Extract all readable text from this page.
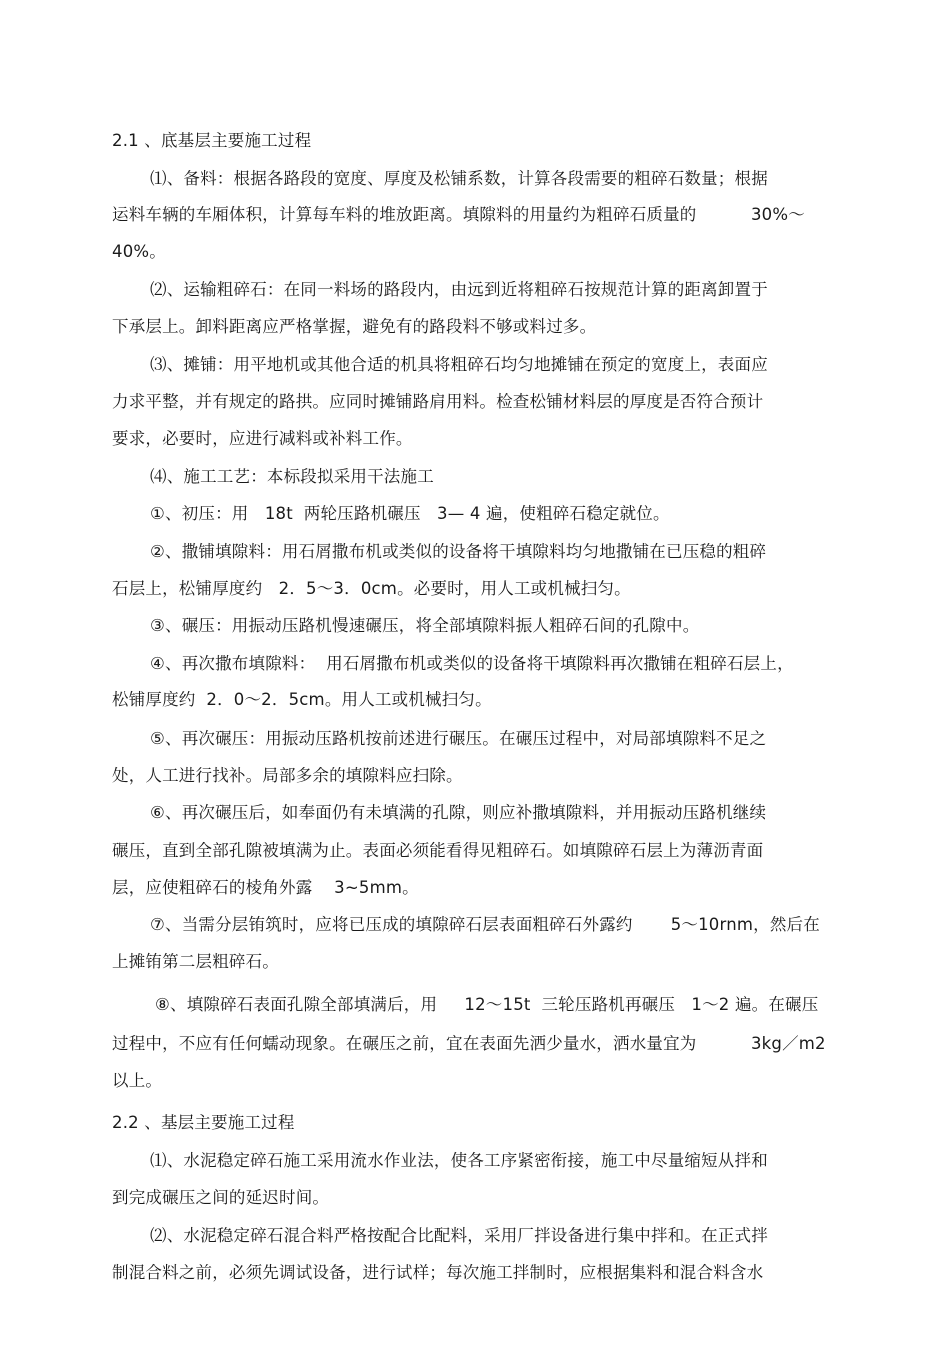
2.1 、底基层主要施工过程
⑴、备料：根据各路段的宽度、厚度及松铺系数，计算各段需要的粗碎石数量；根据
运料车辆的车厢体积，计算每车料的堆放距离。填隙料的用量约为粗碎石质量的          30%～
40%。
⑵、运输粗碎石：在同一料场的路段内，由远到近将粗碎石按规范计算的距离卸置于
下承层上。卸料距离应严格掌握，避免有的路段料不够或料过多。
⑶、摊铺：用平地机或其他合适的机具将粗碎石均匀地摊铺在预定的宽度上，表面应
力求平整，并有规定的路拱。应同时摊铺路肩用料。检查松铺材料层的厚度是否符合预计
要求，必要时，应进行减料或补料工作。
⑷、施工工艺：本标段拟采用干法施工
①、初压：用   18t  两轮压路机碾压   3— 4 遍，使粗碎石稳定就位。
②、撒铺填隙料：用石屑撒布机或类似的设备将干填隙料均匀地撒铺在已压稳的粗碎
石层上，松铺厚度约   2．5～3．0cm。必要时，用人工或机械扫匀。
③、碾压：用振动压路机慢速碾压，将全部填隙料振人粗碎石间的孔隙中。
④、再次撒布填隙料：  用石屑撒布机或类似的设备将干填隙料再次撒铺在粗碎石层上，
松铺厚度约  2．0～2．5cm。用人工或机械扫匀。
⑤、再次碾压：用振动压路机按前述进行碾压。在碾压过程中，对局部填隙料不足之
处，人工进行找补。局部多余的填隙料应扫除。
⑥、再次碾压后，如奉面仍有未填满的孔隙，则应补撒填隙料，并用振动压路机继续
碾压，直到全部孔隙被填满为止。表面必须能看得见粗碎石。如填隙碎石层上为薄沥青面
层，应使粗碎石的棱角外露    3~5mm。
⑦、当需分层铕筑时，应将已压成的填隙碎石层表面粗碎石外露约       5～10rnm，然后在
上摊铕第二层粗碎石。
⑧、填隙碎石表面孔隙全部填满后，用     12～15t  三轮压路机再碾压   1～2 遍。在碾压
过程中，不应有任何蠕动现象。在碾压之前，宜在表面先洒少量水，洒水量宜为          3kg／m2
以上。
2.2 、基层主要施工过程
⑴、水泥稳定碎石施工采用流水作业法，使各工序紧密衔接，施工中尽量缩短从拌和
到完成碾压之间的延迟时间。
⑵、水泥稳定碎石混合料严格按配合比配料，采用厂拌设备进行集中拌和。在正式拌
制混合料之前，必须先调试设备，进行试样；每次施工拌制时，应根据集料和混合料含水
